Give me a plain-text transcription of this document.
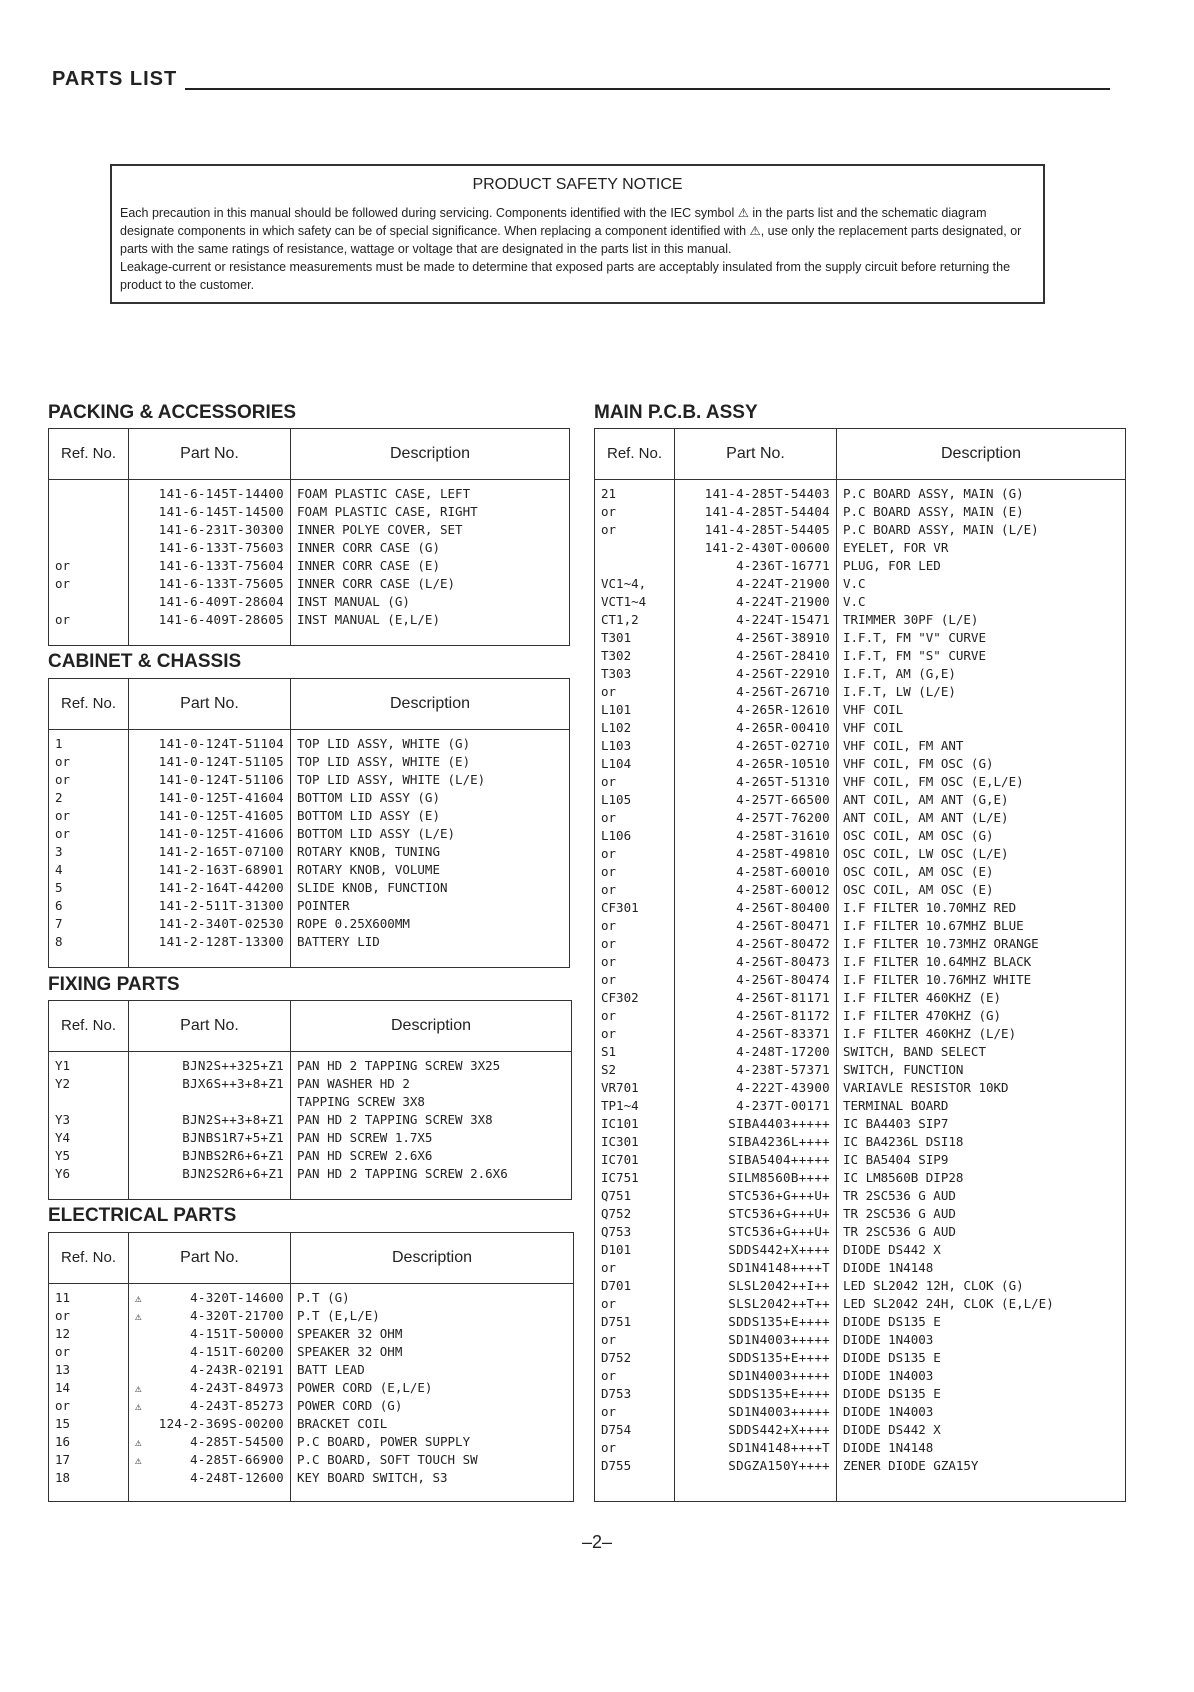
PARTS LIST
PRODUCT SAFETY NOTICE

Each precaution in this manual should be followed during servicing. Components identified with the IEC symbol ⚠ in the parts list and the schematic diagram designate components in which safety can be of special significance. When replacing a component identified with ⚠, use only the replacement parts designated, or parts with the same ratings of resistance, wattage or voltage that are designated in the parts list in this manual.

Leakage-current or resistance measurements must be made to determine that exposed parts are acceptably insulated from the supply circuit before returning the product to the customer.

PACKING & ACCESSORIES
Ref. No.	Part No.	Description

	141-6-145T-14400	FOAM PLASTIC CASE, LEFT
	141-6-145T-14500	FOAM PLASTIC CASE, RIGHT
	141-6-231T-30300	INNER POLYE COVER, SET
	141-6-133T-75603	INNER CORR CASE (G)
or	141-6-133T-75604	INNER CORR CASE (E)
or	141-6-133T-75605	INNER CORR CASE (L/E)
	141-6-409T-28604	INST MANUAL (G)
or	141-6-409T-28605	INST MANUAL (E,L/E)

CABINET & CHASSIS
Ref. No.	Part No.	Description

1	141-0-124T-51104	TOP LID ASSY, WHITE (G)
or	141-0-124T-51105	TOP LID ASSY, WHITE (E)
or	141-0-124T-51106	TOP LID ASSY, WHITE (L/E)
2	141-0-125T-41604	BOTTOM LID ASSY (G)
or	141-0-125T-41605	BOTTOM LID ASSY (E)
or	141-0-125T-41606	BOTTOM LID ASSY (L/E)
3	141-2-165T-07100	ROTARY KNOB, TUNING
4	141-2-163T-68901	ROTARY KNOB, VOLUME
5	141-2-164T-44200	SLIDE KNOB, FUNCTION
6	141-2-511T-31300	POINTER
7	141-2-340T-02530	ROPE 0.25X600MM
8	141-2-128T-13300	BATTERY LID

FIXING PARTS
Ref. No.	Part No.	Description

Y1	BJN2S++325+Z1	PAN HD 2 TAPPING SCREW 3X25
Y2	BJX6S++3+8+Z1	PAN WASHER HD 2
		TAPPING SCREW 3X8
Y3	BJN2S++3+8+Z1	PAN HD 2 TAPPING SCREW 3X8
Y4	BJNBS1R7+5+Z1	PAN HD SCREW 1.7X5
Y5	BJNBS2R6+6+Z1	PAN HD SCREW 2.6X6
Y6	BJN2S2R6+6+Z1	PAN HD 2 TAPPING SCREW 2.6X6

ELECTRICAL PARTS
Ref. No.	Part No.	Description

11	⚠ 4-320T-14600	P.T (G)
or	⚠ 4-320T-21700	P.T (E,L/E)
12	4-151T-50000	SPEAKER 32 OHM
or	4-151T-60200	SPEAKER 32 OHM
13	4-243R-02191	BATT LEAD
14	⚠ 4-243T-84973	POWER CORD (E,L/E)
or	⚠ 4-243T-85273	POWER CORD (G)
15	124-2-369S-00200	BRACKET COIL
16	⚠ 4-285T-54500	P.C BOARD, POWER SUPPLY
17	⚠ 4-285T-66900	P.C BOARD, SOFT TOUCH SW
18	4-248T-12600	KEY BOARD SWITCH, S3

MAIN P.C.B. ASSY
Ref. No.	Part No.	Description

21	141-4-285T-54403	P.C BOARD ASSY, MAIN (G)
or	141-4-285T-54404	P.C BOARD ASSY, MAIN (E)
or	141-4-285T-54405	P.C BOARD ASSY, MAIN (L/E)
	141-2-430T-00600	EYELET, FOR VR
	4-236T-16771	PLUG, FOR LED
VC1~4,	4-224T-21900	V.C
VCT1~4	4-224T-21900	V.C
CT1,2	4-224T-15471	TRIMMER 30PF (L/E)
T301	4-256T-38910	I.F.T, FM "V" CURVE
T302	4-256T-28410	I.F.T, FM "S" CURVE
T303	4-256T-22910	I.F.T, AM (G,E)
or	4-256T-26710	I.F.T, LW (L/E)
L101	4-265R-12610	VHF COIL
L102	4-265R-00410	VHF COIL
L103	4-265T-02710	VHF COIL, FM ANT
L104	4-265R-10510	VHF COIL, FM OSC (G)
or	4-265T-51310	VHF COIL, FM OSC (E,L/E)
L105	4-257T-66500	ANT COIL, AM ANT (G,E)
or	4-257T-76200	ANT COIL, AM ANT (L/E)
L106	4-258T-31610	OSC COIL, AM OSC (G)
or	4-258T-49810	OSC COIL, LW OSC (L/E)
or	4-258T-60010	OSC COIL, AM OSC (E)
or	4-258T-60012	OSC COIL, AM OSC (E)
CF301	4-256T-80400	I.F FILTER 10.70MHZ RED
or	4-256T-80471	I.F FILTER 10.67MHZ BLUE
or	4-256T-80472	I.F FILTER 10.73MHZ ORANGE
or	4-256T-80473	I.F FILTER 10.64MHZ BLACK
or	4-256T-80474	I.F FILTER 10.76MHZ WHITE
CF302	4-256T-81171	I.F FILTER 460KHZ (E)
or	4-256T-81172	I.F FILTER 470KHZ (G)
or	4-256T-83371	I.F FILTER 460KHZ (L/E)
S1	4-248T-17200	SWITCH, BAND SELECT
S2	4-238T-57371	SWITCH, FUNCTION
VR701	4-222T-43900	VARIAVLE RESISTOR 10KD
TP1~4	4-237T-00171	TERMINAL BOARD
IC101	SIBA4403+++++	IC BA4403 SIP7
IC301	SIBA4236L++++	IC BA4236L DSI18
IC701	SIBA5404+++++	IC BA5404 SIP9
IC751	SILM8560B++++	IC LM8560B DIP28
Q751	STC536+G+++U+	TR 2SC536 G AUD
Q752	STC536+G+++U+	TR 2SC536 G AUD
Q753	STC536+G+++U+	TR 2SC536 G AUD
D101	SDDS442+X++++	DIODE DS442 X
or	SD1N4148++++T	DIODE 1N4148
D701	SLSL2042++I++	LED SL2042 12H, CLOK (G)
or	SLSL2042++T++	LED SL2042 24H, CLOK (E,L/E)
D751	SDDS135+E++++	DIODE DS135 E
or	SD1N4003+++++	DIODE 1N4003
D752	SDDS135+E++++	DIODE DS135 E
or	SD1N4003+++++	DIODE 1N4003
D753	SDDS135+E++++	DIODE DS135 E
or	SD1N4003+++++	DIODE 1N4003
D754	SDDS442+X++++	DIODE DS442 X
or	SD1N4148++++T	DIODE 1N4148
D755	SDGZA150Y++++	ZENER DIODE GZA15Y

–2–
